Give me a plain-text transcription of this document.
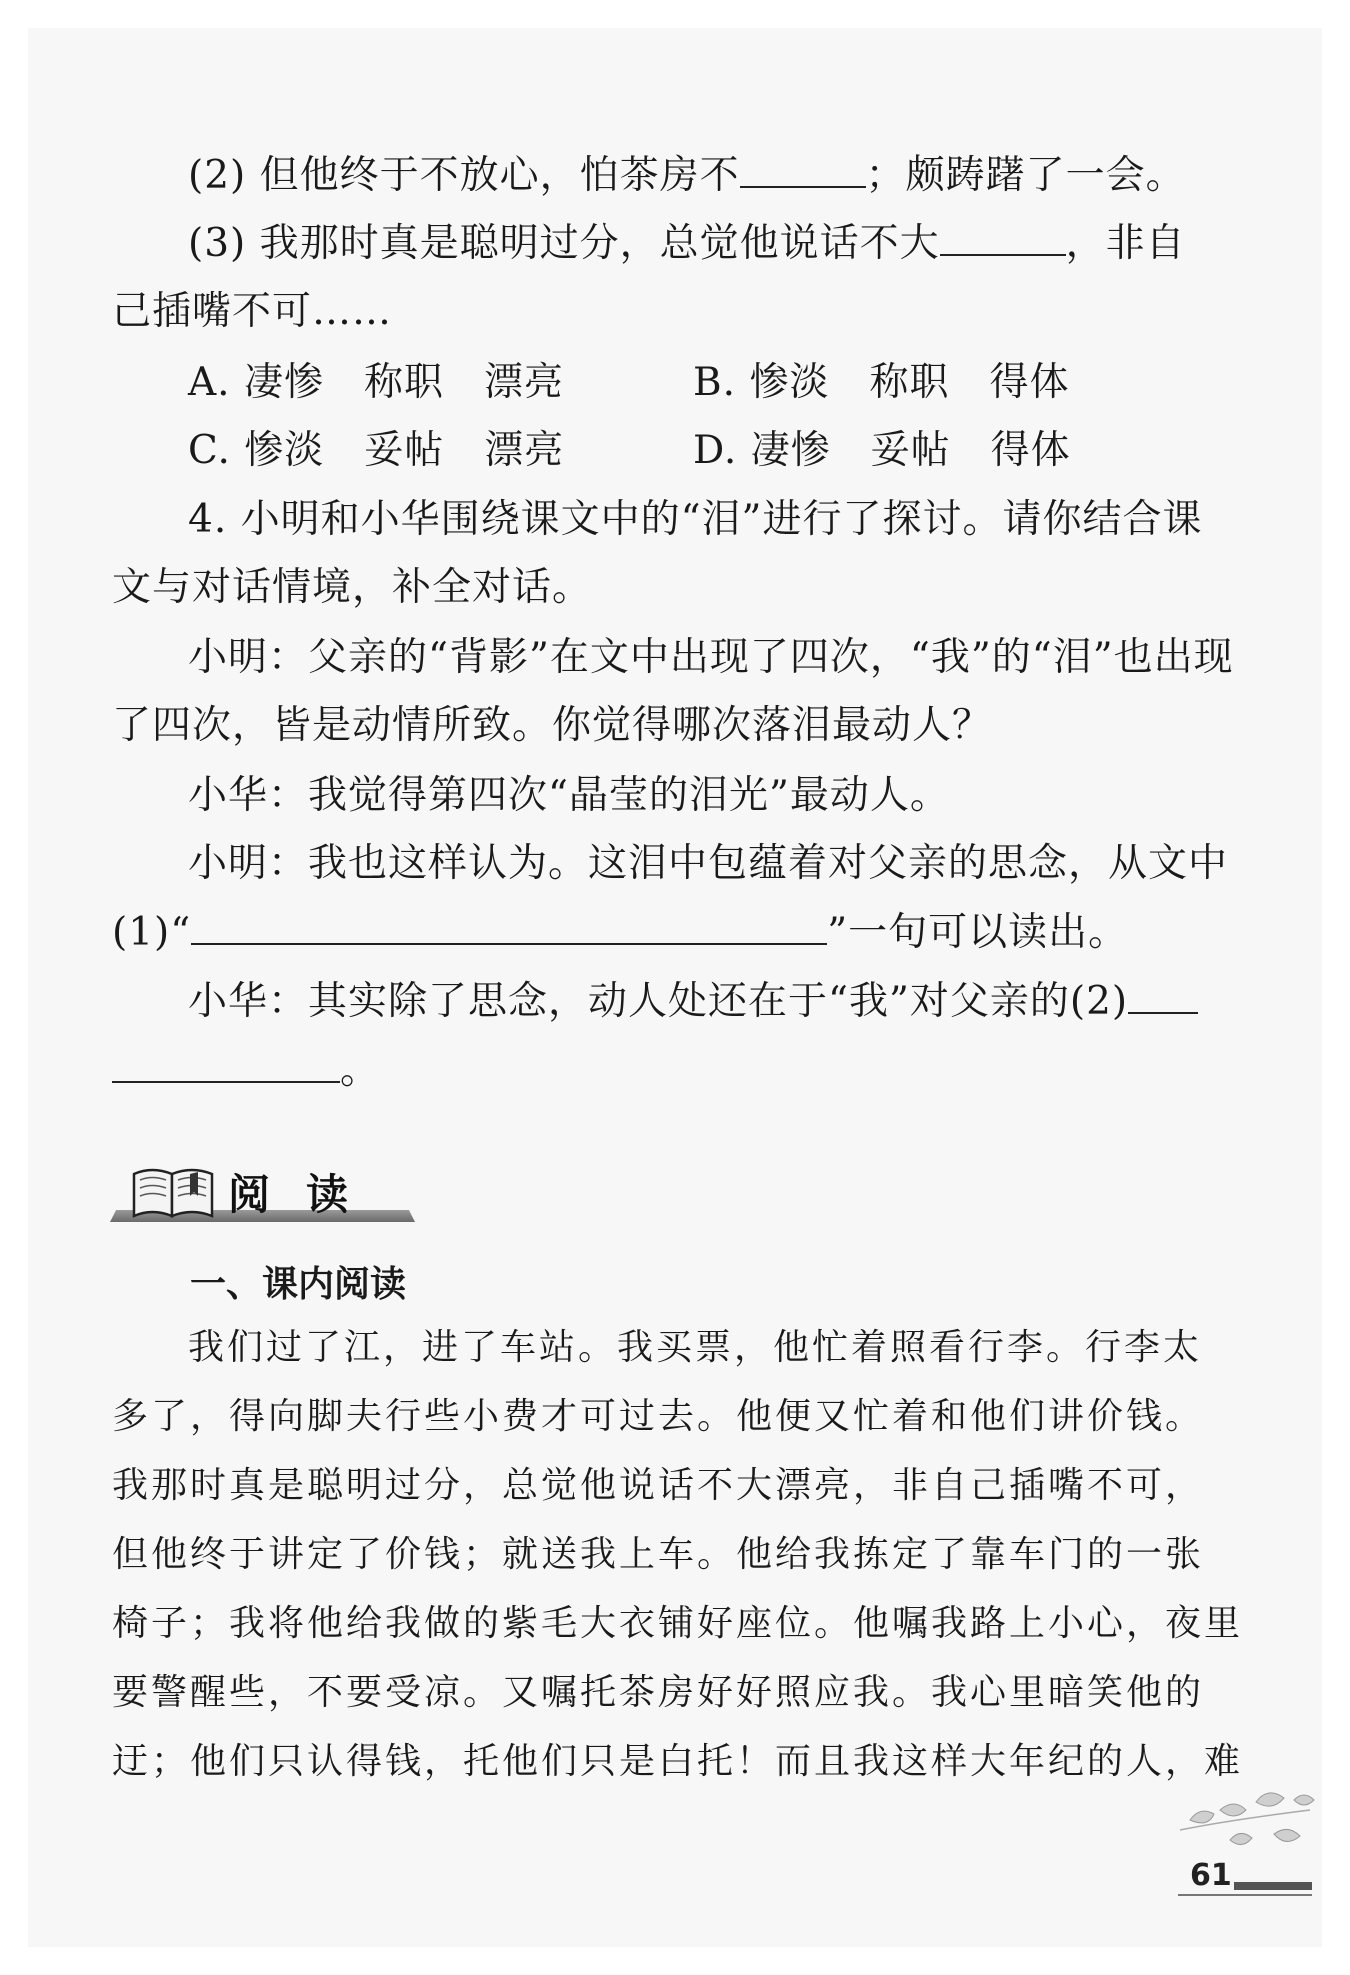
(2) 但他终于不放心，怕茶房不	；颇踌躇了一会。
(3) 我那时真是聪明过分，总觉他说话不大	，非自
己插嘴不可……
A. 凄惨　称职　漂亮	B. 惨淡　称职　得体
C. 惨淡　妥帖　漂亮	D. 凄惨　妥帖　得体
4. 小明和小华围绕课文中的“泪”进行了探讨。请你结合课
文与对话情境，补全对话。
小明：父亲的“背影”在文中出现了四次，“我”的“泪”也出现
了四次，皆是动情所致。你觉得哪次落泪最动人？
小华：我觉得第四次“晶莹的泪光”最动人。
小明：我也这样认为。这泪中包蕴着对父亲的思念，从文中
(1)“	”一句可以读出。
小华：其实除了思念，动人处还在于“我”对父亲的(2)
。
阅读
一、课内阅读
我们过了江，进了车站。我买票，他忙着照看行李。行李太
多了，得向脚夫行些小费才可过去。他便又忙着和他们讲价钱。
我那时真是聪明过分，总觉他说话不大漂亮，非自己插嘴不可，
但他终于讲定了价钱；就送我上车。他给我拣定了靠车门的一张
椅子；我将他给我做的紫毛大衣铺好座位。他嘱我路上小心，夜里
要警醒些，不要受凉。又嘱托茶房好好照应我。我心里暗笑他的
迂；他们只认得钱，托他们只是白托！而且我这样大年纪的人，难
61
